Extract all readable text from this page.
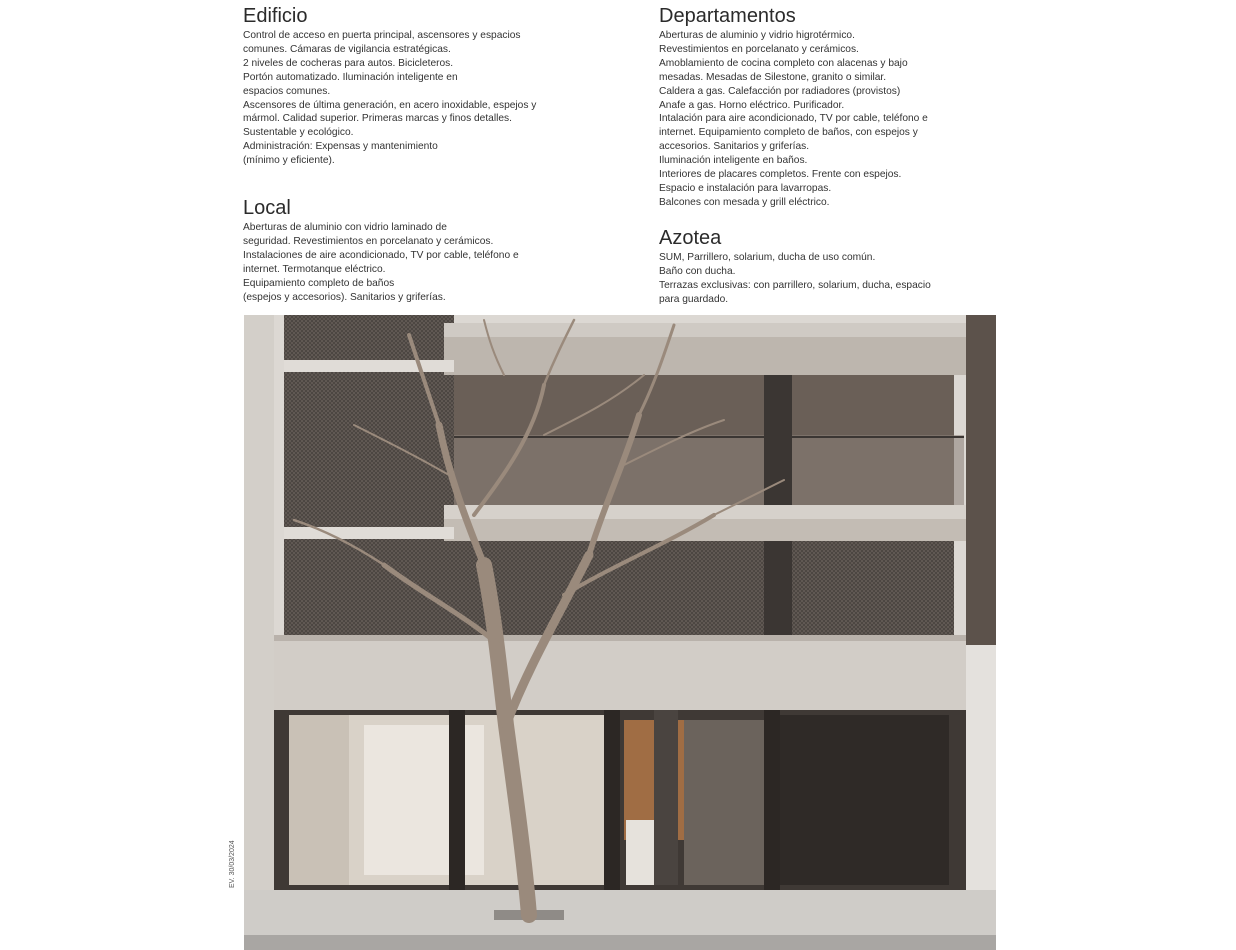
Edificio
Control de acceso en puerta principal, ascensores y espacios
comunes. Cámaras de vigilancia estratégicas.
2 niveles de cocheras para autos. Bicicleteros.
Portón automatizado. Iluminación inteligente en
espacios comunes.
Ascensores de última generación, en acero inoxidable, espejos y
mármol. Calidad superior. Primeras marcas y finos detalles.
Sustentable y ecológico.
Administración: Expensas y mantenimiento
(mínimo y eficiente).
Departamentos
Aberturas de aluminio y vidrio higrotérmico.
Revestimientos en porcelanato y cerámicos.
Amoblamiento de cocina completo con alacenas y bajo
mesadas. Mesadas de Silestone, granito o similar.
Caldera a gas. Calefacción por radiadores (provistos)
Anafe a gas. Horno eléctrico. Purificador.
Intalación para aire acondicionado, TV por cable, teléfono e
internet. Equipamiento completo de baños, con espejos y
accesorios. Sanitarios y griferías.
Iluminación inteligente en baños.
Interiores de placares completos. Frente con espejos.
Espacio e instalación para lavarropas.
Balcones con mesada y grill eléctrico.
Local
Aberturas de aluminio con vidrio laminado de
seguridad. Revestimientos en porcelanato y cerámicos.
Instalaciones de aire acondicionado, TV por cable, teléfono e
internet. Termotanque eléctrico.
Equipamiento completo de baños
(espejos y accesorios). Sanitarios y griferías.
Azotea
SUM, Parrillero, solarium, ducha de uso común.
Baño con ducha.
Terrazas exclusivas: con parrillero, solarium, ducha, espacio
para guardado.
EV. 30/03/2024
